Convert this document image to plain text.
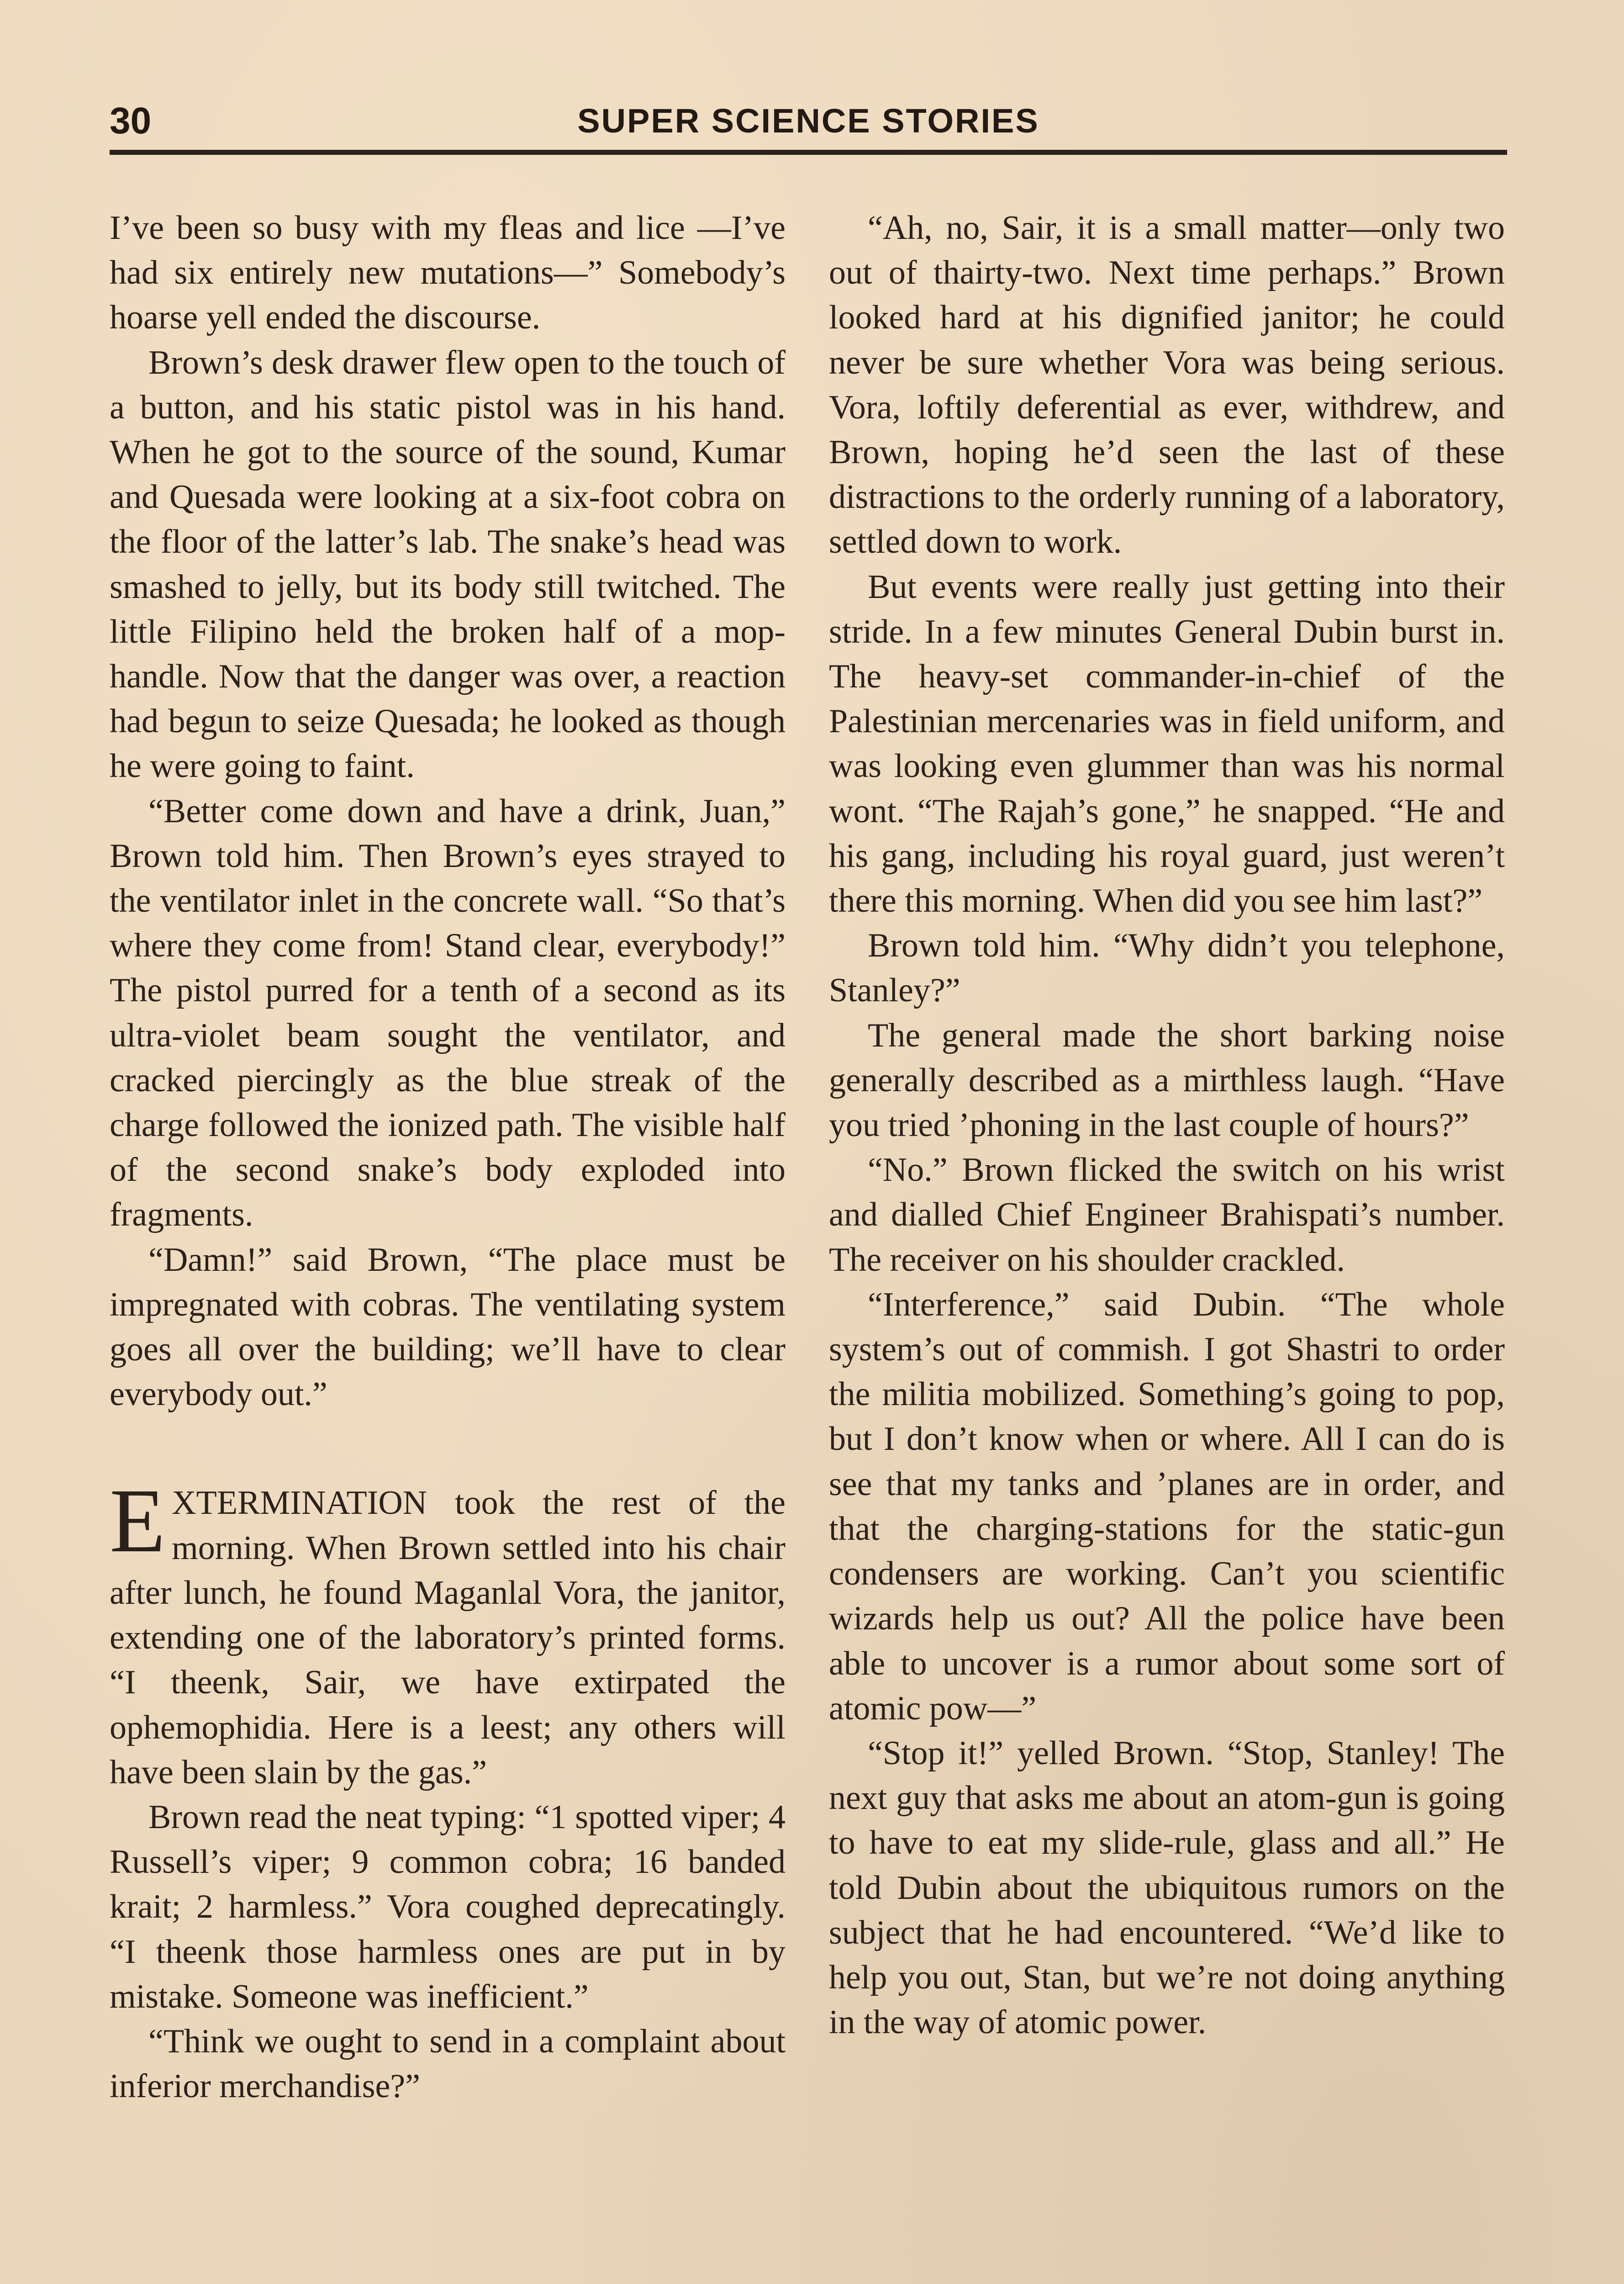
SUPER SCIENCE STORIES
30

I’ve been so busy with my fleas and lice —I’ve had six entirely new mutations—” Somebody’s hoarse yell ended the discourse.

Brown’s desk drawer flew open to the touch of a button, and his static pistol was in his hand. When he got to the source of the sound, Kumar and Quesada were looking at a six-foot cobra on the floor of the latter’s lab. The snake’s head was smashed to jelly, but its body still twitched. The little Filipino held the broken half of a mop-handle. Now that the danger was over, a reaction had begun to seize Quesada; he looked as though he were going to faint.

“Better come down and have a drink, Juan,” Brown told him. Then Brown’s eyes strayed to the ventilator inlet in the concrete wall. “So that’s where they come from! Stand clear, everybody!” The pistol purred for a tenth of a second as its ultra-violet beam sought the ventilator, and cracked piercingly as the blue streak of the charge followed the ionized path. The visible half of the second snake’s body exploded into fragments.

“Damn!” said Brown, “The place must be impregnated with cobras. The ventilating system goes all over the building; we’ll have to clear everybody out.”

EXTERMINATION took the rest of the morning. When Brown settled into his chair after lunch, he found Maganlal Vora, the janitor, extending one of the laboratory’s printed forms. “I theenk, Sair, we have extirpated the ophemophidia. Here is a leest; any others will have been slain by the gas.”

Brown read the neat typing: “1 spotted viper; 4 Russell’s viper; 9 common cobra; 16 banded krait; 2 harmless.” Vora coughed deprecatingly. “I theenk those harmless ones are put in by mistake. Someone was inefficient.”

“Think we ought to send in a complaint about inferior merchandise?”

“Ah, no, Sair, it is a small matter—only two out of thairty-two. Next time perhaps.” Brown looked hard at his dignified janitor; he could never be sure whether Vora was being serious. Vora, loftily deferential as ever, withdrew, and Brown, hoping he’d seen the last of these distractions to the orderly running of a laboratory, settled down to work.

But events were really just getting into their stride. In a few minutes General Dubin burst in. The heavy-set commander-in-chief of the Palestinian mercenaries was in field uniform, and was looking even glummer than was his normal wont. “The Rajah’s gone,” he snapped. “He and his gang, including his royal guard, just weren’t there this morning. When did you see him last?”

Brown told him. “Why didn’t you telephone, Stanley?”

The general made the short barking noise generally described as a mirthless laugh. “Have you tried ’phoning in the last couple of hours?”

“No.” Brown flicked the switch on his wrist and dialled Chief Engineer Brahispati’s number. The receiver on his shoulder crackled.

“Interference,” said Dubin. “The whole system’s out of commish. I got Shastri to order the militia mobilized. Something’s going to pop, but I don’t know when or where. All I can do is see that my tanks and ’planes are in order, and that the charging-stations for the static-gun condensers are working. Can’t you scientific wizards help us out? All the police have been able to uncover is a rumor about some sort of atomic pow—”

“Stop it!” yelled Brown. “Stop, Stanley! The next guy that asks me about an atom-gun is going to have to eat my slide-rule, glass and all.” He told Dubin about the ubiquitous rumors on the subject that he had encountered. “We’d like to help you out, Stan, but we’re not doing anything in the way of atomic power.
